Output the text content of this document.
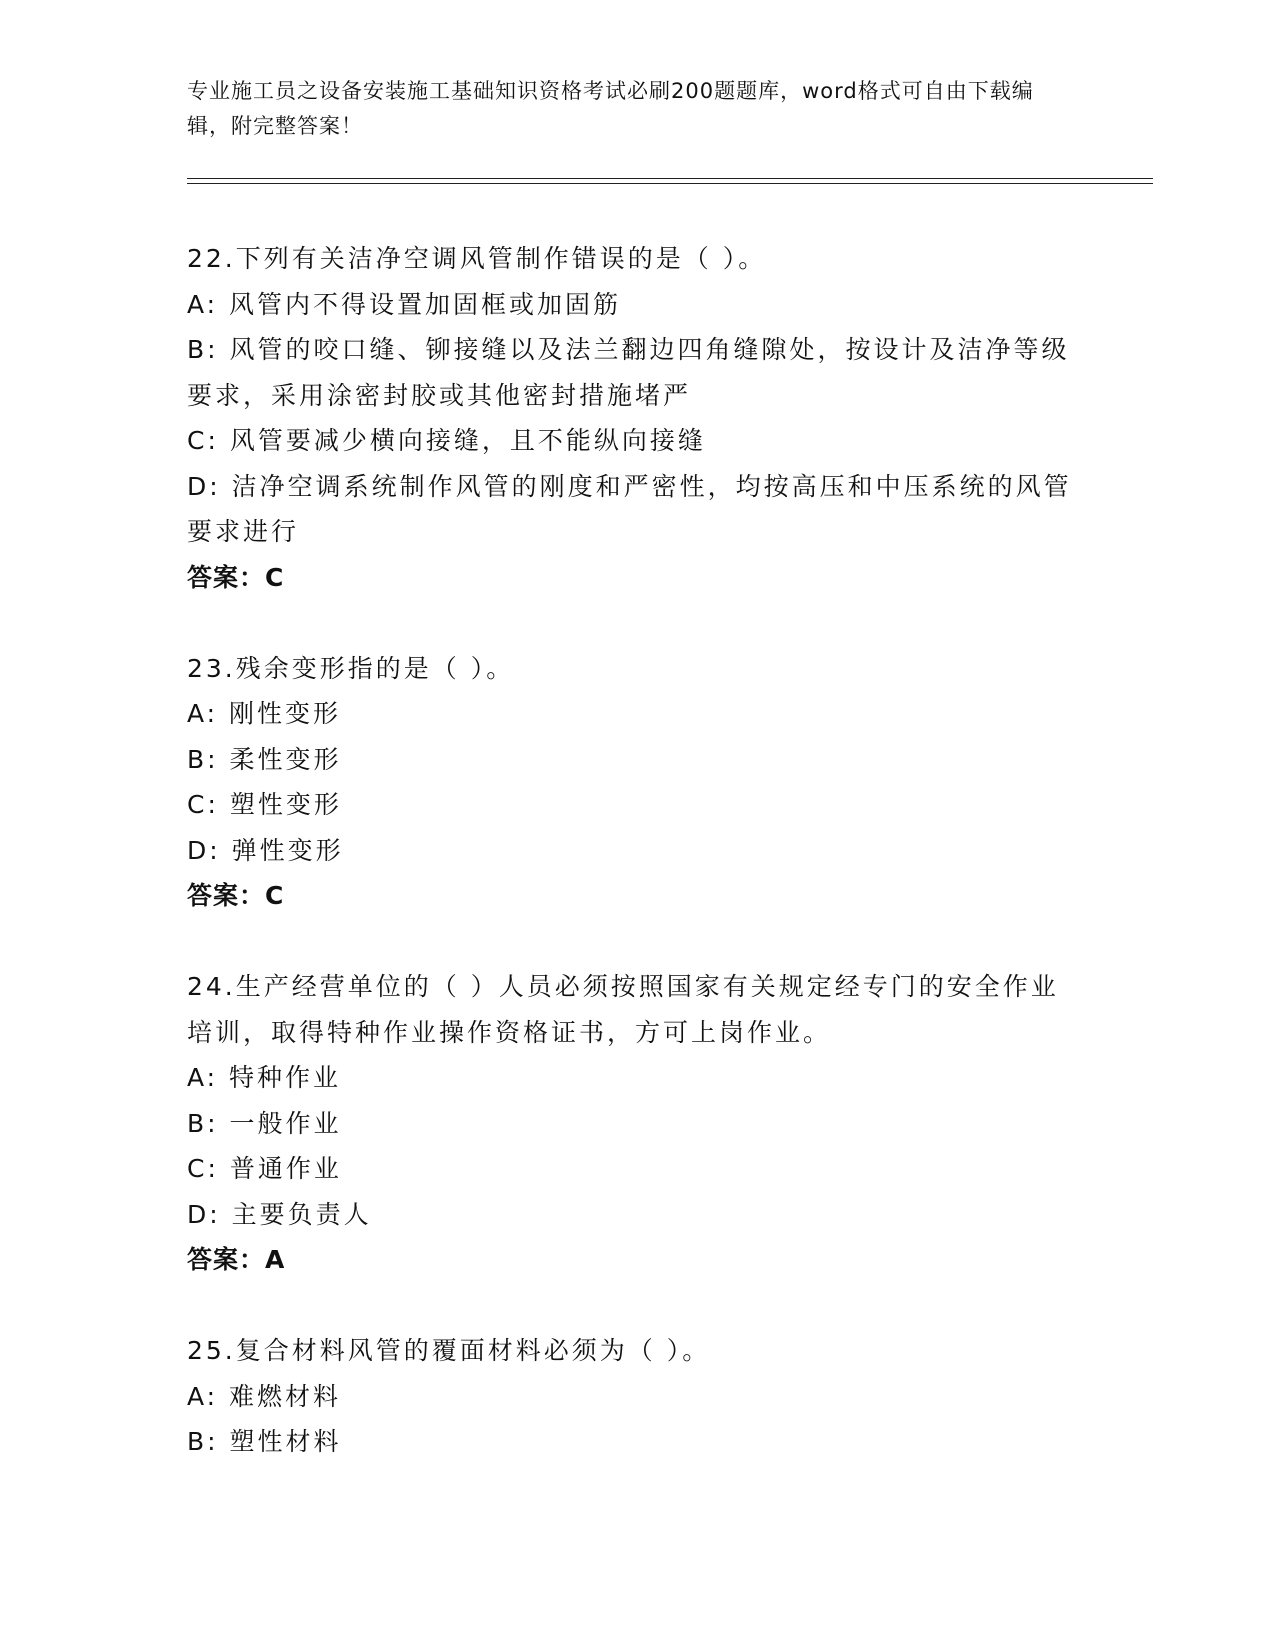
专业施工员之设备安装施工基础知识资格考试必刷200题题库，word格式可自由下载编辑，附完整答案！
22.下列有关洁净空调风管制作错误的是（ ）。
A: 风管内不得设置加固框或加固筋
B: 风管的咬口缝、铆接缝以及法兰翻边四角缝隙处，按设计及洁净等级要求，采用涂密封胶或其他密封措施堵严
C: 风管要减少横向接缝，且不能纵向接缝
D: 洁净空调系统制作风管的刚度和严密性，均按高压和中压系统的风管要求进行
答案：C
23.残余变形指的是（ ）。
A: 刚性变形
B: 柔性变形
C: 塑性变形
D: 弹性变形
答案：C
24.生产经营单位的（ ）人员必须按照国家有关规定经专门的安全作业培训，取得特种作业操作资格证书，方可上岗作业。
A: 特种作业
B: 一般作业
C: 普通作业
D: 主要负责人
答案：A
25.复合材料风管的覆面材料必须为（ ）。
A: 难燃材料
B: 塑性材料
